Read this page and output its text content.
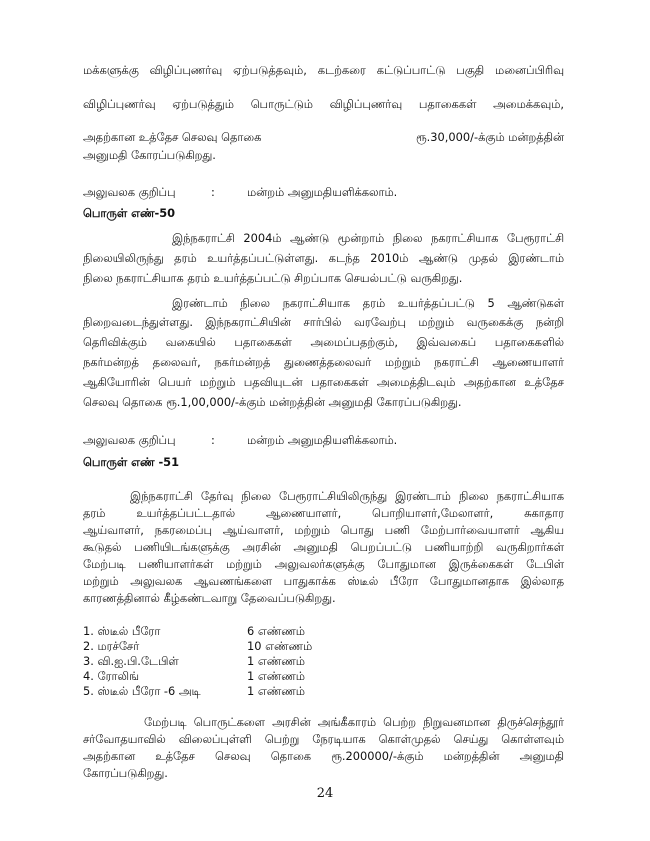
மக்களுக்கு விழிப்புணர்வு ஏற்படுத்தவும், கடற்கரை கட்டுப்பாட்டு பகுதி மனைப்பிரிவு
விழிப்புணர்வு ஏற்படுத்தும் பொருட்டும் விழிப்புணர்வு பதாகைகள் அமைக்கவும்,
அதற்கான உத்தேச செலவு தொகை	ரூ.30,000/-க்கும் மன்றத்தின்
அனுமதி கோரப்படுகிறது.
அலுவலக குறிப்பு	:	மன்றம் அனுமதியளிக்கலாம்.
பொருள் எண்-50
இந்நகராட்சி 2004ம் ஆண்டு மூன்றாம் நிலை நகராட்சியாக பேரூராட்சி
நிலையிலிருந்து தரம் உயர்த்தப்பட்டுள்ளது. கடந்த 2010ம் ஆண்டு முதல் இரண்டாம்
நிலை நகராட்சியாக தரம் உயர்த்தப்பட்டு சிறப்பாக செயல்பட்டு வருகிறது.
இரண்டாம் நிலை நகராட்சியாக தரம் உயர்த்தப்பட்டு 5 ஆண்டுகள்
நிறைவடைந்துள்ளது. இந்நகராட்சியின் சார்பில் வரவேற்பு மற்றும் வருகைக்கு நன்றி
தெரிவிக்கும் வகையில் பதாகைகள் அமைப்பதற்கும், இவ்வகைப் பதாகைகளில்
நகர்மன்றத் தலைவர், நகர்மன்றத் துணைத்தலைவர் மற்றும் நகராட்சி ஆணையாளர்
ஆகியோரின் பெயர் மற்றும் பதவியுடன் பதாகைகள் அமைத்திடவும் அதற்கான உத்தேச
செலவு தொகை ரூ.1,00,000/-க்கும் மன்றத்தின் அனுமதி கோரப்படுகிறது.
அலுவலக குறிப்பு	:	மன்றம் அனுமதியளிக்கலாம்.
பொருள் எண் -51
இந்நகராட்சி தேர்வு நிலை பேரூராட்சியிலிருந்து இரண்டாம் நிலை நகராட்சியாக
தரம் உயர்த்தப்பட்டதால் ஆணையாளர், பொறியாளர்,மேலாளர், சுகாதார
ஆய்வாளர், நகரமைப்பு ஆய்வாளர், மற்றும் பொது பணி மேற்பார்வையாளர் ஆகிய
கூடுதல் பணியிடங்களுக்கு அரசின் அனுமதி பெறப்பட்டு பணியாற்றி வருகிறார்கள்
மேற்படி பணியாளர்கள் மற்றும் அலுவலர்களுக்கு போதுமான இருக்கைகள் டேபிள்
மற்றும் அலுவலக ஆவணங்களை பாதுகாக்க ஸ்டீல் பீரோ போதுமானதாக இல்லாத
காரணத்தினால் கீழ்கண்டவாறு தேவைப்படுகிறது.
1. ஸ்டீல் பீரோ	6 எண்ணம்
2. மரச்சேர்	10 எண்ணம்
3. வி.ஐ.பி.டேபிள்	1 எண்ணம்
4. ரோலிங்	1 எண்ணம்
5. ஸ்டீல் பீரோ -6 அடி	1 எண்ணம்
மேற்படி பொருட்களை அரசின் அங்கீகாரம் பெற்ற நிறுவனமான திருச்செந்தூர்
சர்வோதயாவில் விலைப்புள்ளி பெற்று நேரடியாக கொள்முதல் செய்து கொள்ளவும்
அதற்கான உத்தேச செலவு தொகை ரூ.200000/-க்கும் மன்றத்தின் அனுமதி
கோரப்படுகிறது.
24
